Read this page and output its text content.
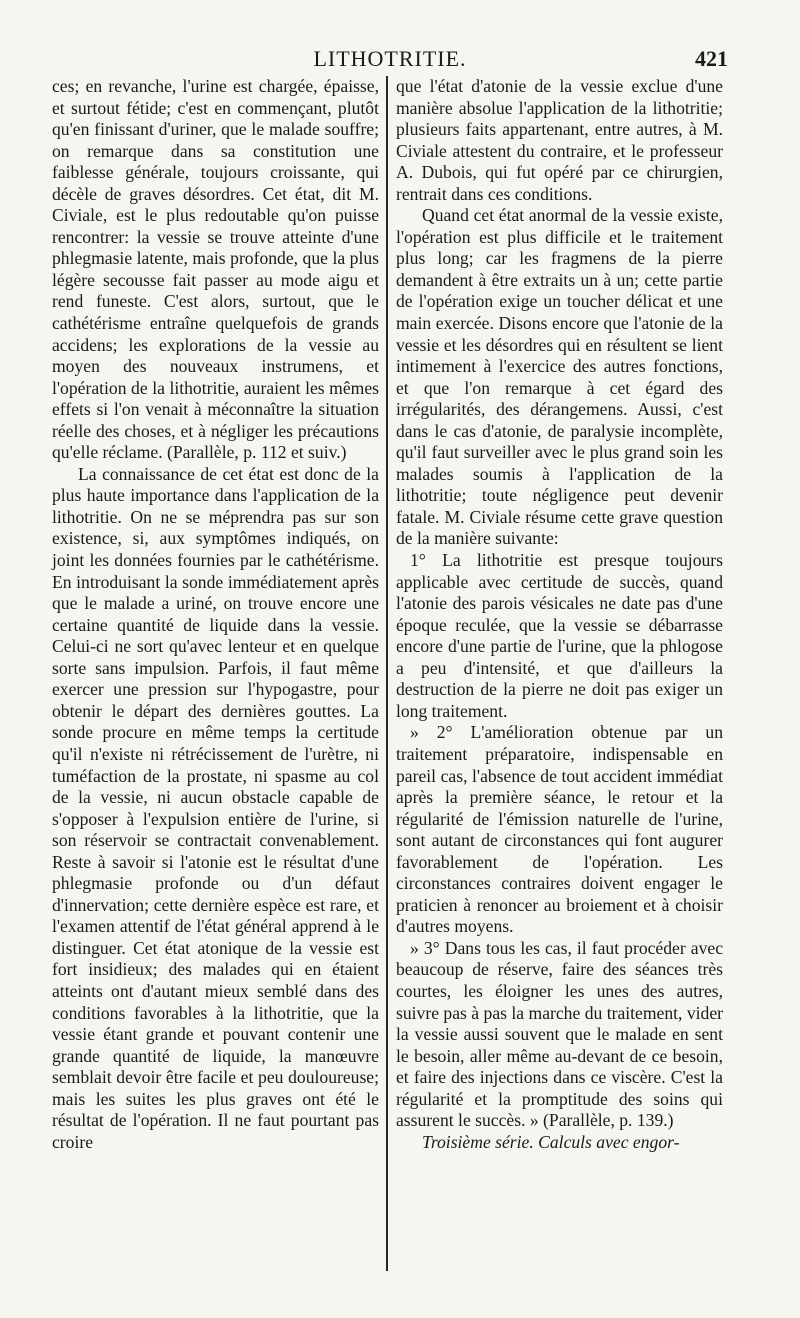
LITHOTRITIE.	421

ces; en revanche, l'urine est chargée, épaisse, et surtout fétide; c'est en commençant, plutôt qu'en finissant d'uriner, que le malade souffre; on remarque dans sa constitution une faiblesse générale, toujours croissante, qui décèle de graves désordres. Cet état, dit M. Civiale, est le plus redoutable qu'on puisse rencontrer: la vessie se trouve atteinte d'une phlegmasie latente, mais profonde, que la plus légère secousse fait passer au mode aigu et rend funeste. C'est alors, surtout, que le cathétérisme entraîne quelquefois de grands accidens; les explorations de la vessie au moyen des nouveaux instrumens, et l'opération de la lithotritie, auraient les mêmes effets si l'on venait à méconnaître la situation réelle des choses, et à négliger les précautions qu'elle réclame. (Parallèle, p. 112 et suiv.)

La connaissance de cet état est donc de la plus haute importance dans l'application de la lithotritie. On ne se méprendra pas sur son existence, si, aux symptômes indiqués, on joint les données fournies par le cathétérisme. En introduisant la sonde immédiatement après que le malade a uriné, on trouve encore une certaine quantité de liquide dans la vessie. Celui-ci ne sort qu'avec lenteur et en quelque sorte sans impulsion. Parfois, il faut même exercer une pression sur l'hypogastre, pour obtenir le départ des dernières gouttes. La sonde procure en même temps la certitude qu'il n'existe ni rétrécissement de l'urètre, ni tuméfaction de la prostate, ni spasme au col de la vessie, ni aucun obstacle capable de s'opposer à l'expulsion entière de l'urine, si son réservoir se contractait convenablement. Reste à savoir si l'atonie est le résultat d'une phlegmasie profonde ou d'un défaut d'innervation; cette dernière espèce est rare, et l'examen attentif de l'état général apprend à le distinguer. Cet état atonique de la vessie est fort insidieux; des malades qui en étaient atteints ont d'autant mieux semblé dans des conditions favorables à la lithotritie, que la vessie étant grande et pouvant contenir une grande quantité de liquide, la manœuvre semblait devoir être facile et peu douloureuse; mais les suites les plus graves ont été le résultat de l'opération. Il ne faut pourtant pas croire

que l'état d'atonie de la vessie exclue d'une manière absolue l'application de la lithotritie; plusieurs faits appartenant, entre autres, à M. Civiale attestent du contraire, et le professeur A. Dubois, qui fut opéré par ce chirurgien, rentrait dans ces conditions.

Quand cet état anormal de la vessie existe, l'opération est plus difficile et le traitement plus long; car les fragmens de la pierre demandent à être extraits un à un; cette partie de l'opération exige un toucher délicat et une main exercée. Disons encore que l'atonie de la vessie et les désordres qui en résultent se lient intimement à l'exercice des autres fonctions, et que l'on remarque à cet égard des irrégularités, des dérangemens. Aussi, c'est dans le cas d'atonie, de paralysie incomplète, qu'il faut surveiller avec le plus grand soin les malades soumis à l'application de la lithotritie; toute négligence peut devenir fatale. M. Civiale résume cette grave question de la manière suivante:

1° La lithotritie est presque toujours applicable avec certitude de succès, quand l'atonie des parois vésicales ne date pas d'une époque reculée, que la vessie se débarrasse encore d'une partie de l'urine, que la phlogose a peu d'intensité, et que d'ailleurs la destruction de la pierre ne doit pas exiger un long traitement.

» 2° L'amélioration obtenue par un traitement préparatoire, indispensable en pareil cas, l'absence de tout accident immédiat après la première séance, le retour et la régularité de l'émission naturelle de l'urine, sont autant de circonstances qui font augurer favorablement de l'opération. Les circonstances contraires doivent engager le praticien à renoncer au broiement et à choisir d'autres moyens.

» 3° Dans tous les cas, il faut procéder avec beaucoup de réserve, faire des séances très courtes, les éloigner les unes des autres, suivre pas à pas la marche du traitement, vider la vessie aussi souvent que le malade en sent le besoin, aller même au-devant de ce besoin, et faire des injections dans ce viscère. C'est la régularité et la promptitude des soins qui assurent le succès. » (Parallèle, p. 139.)

Troisième série. Calculs avec engor-
